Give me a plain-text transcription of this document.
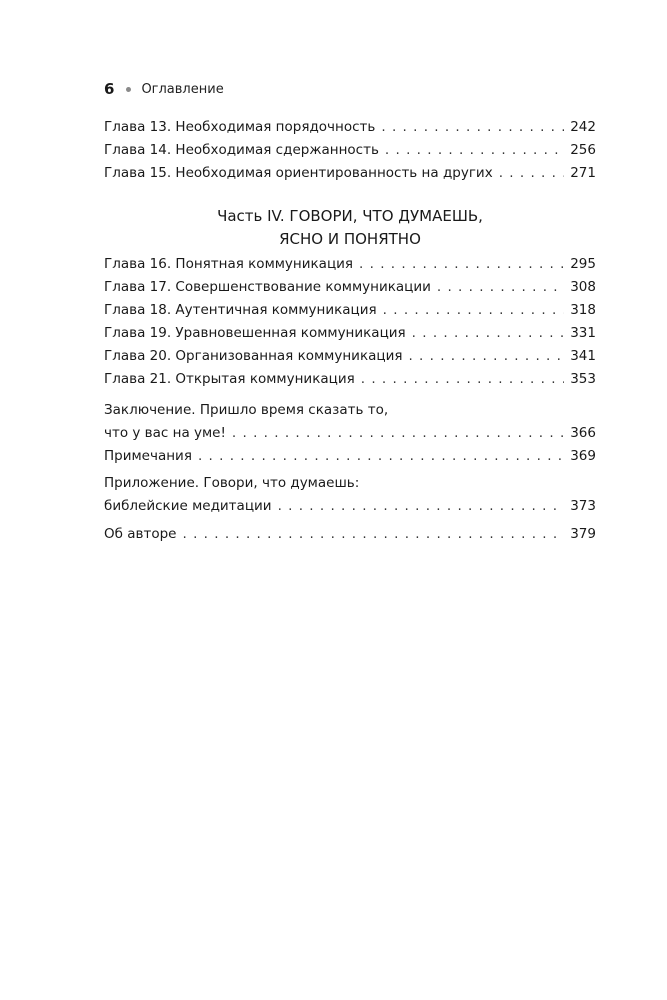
6 Оглавление
Глава 13. Необходимая порядочность . . .	242
Глава 14. Необходимая сдержанность . . .	256
Глава 15. Необходимая ориентированность на других . . .	271
Часть IV. ГОВОРИ, ЧТО ДУМАЕШЬ,
ЯСНО И ПОНЯТНО
Глава 16. Понятная коммуникация . . .	295
Глава 17. Совершенствование коммуникации . . .	308
Глава 18. Аутентичная коммуникация . . .	318
Глава 19. Уравновешенная коммуникация . . .	331
Глава 20. Организованная коммуникация . . .	341
Глава 21. Открытая коммуникация . . .	353
Заключение. Пришло время сказать то,
что у вас на уме! . . .	366
Примечания . . .	369
Приложение. Говори, что думаешь:
библейские медитации . . .	373
Об авторе . . .	379
